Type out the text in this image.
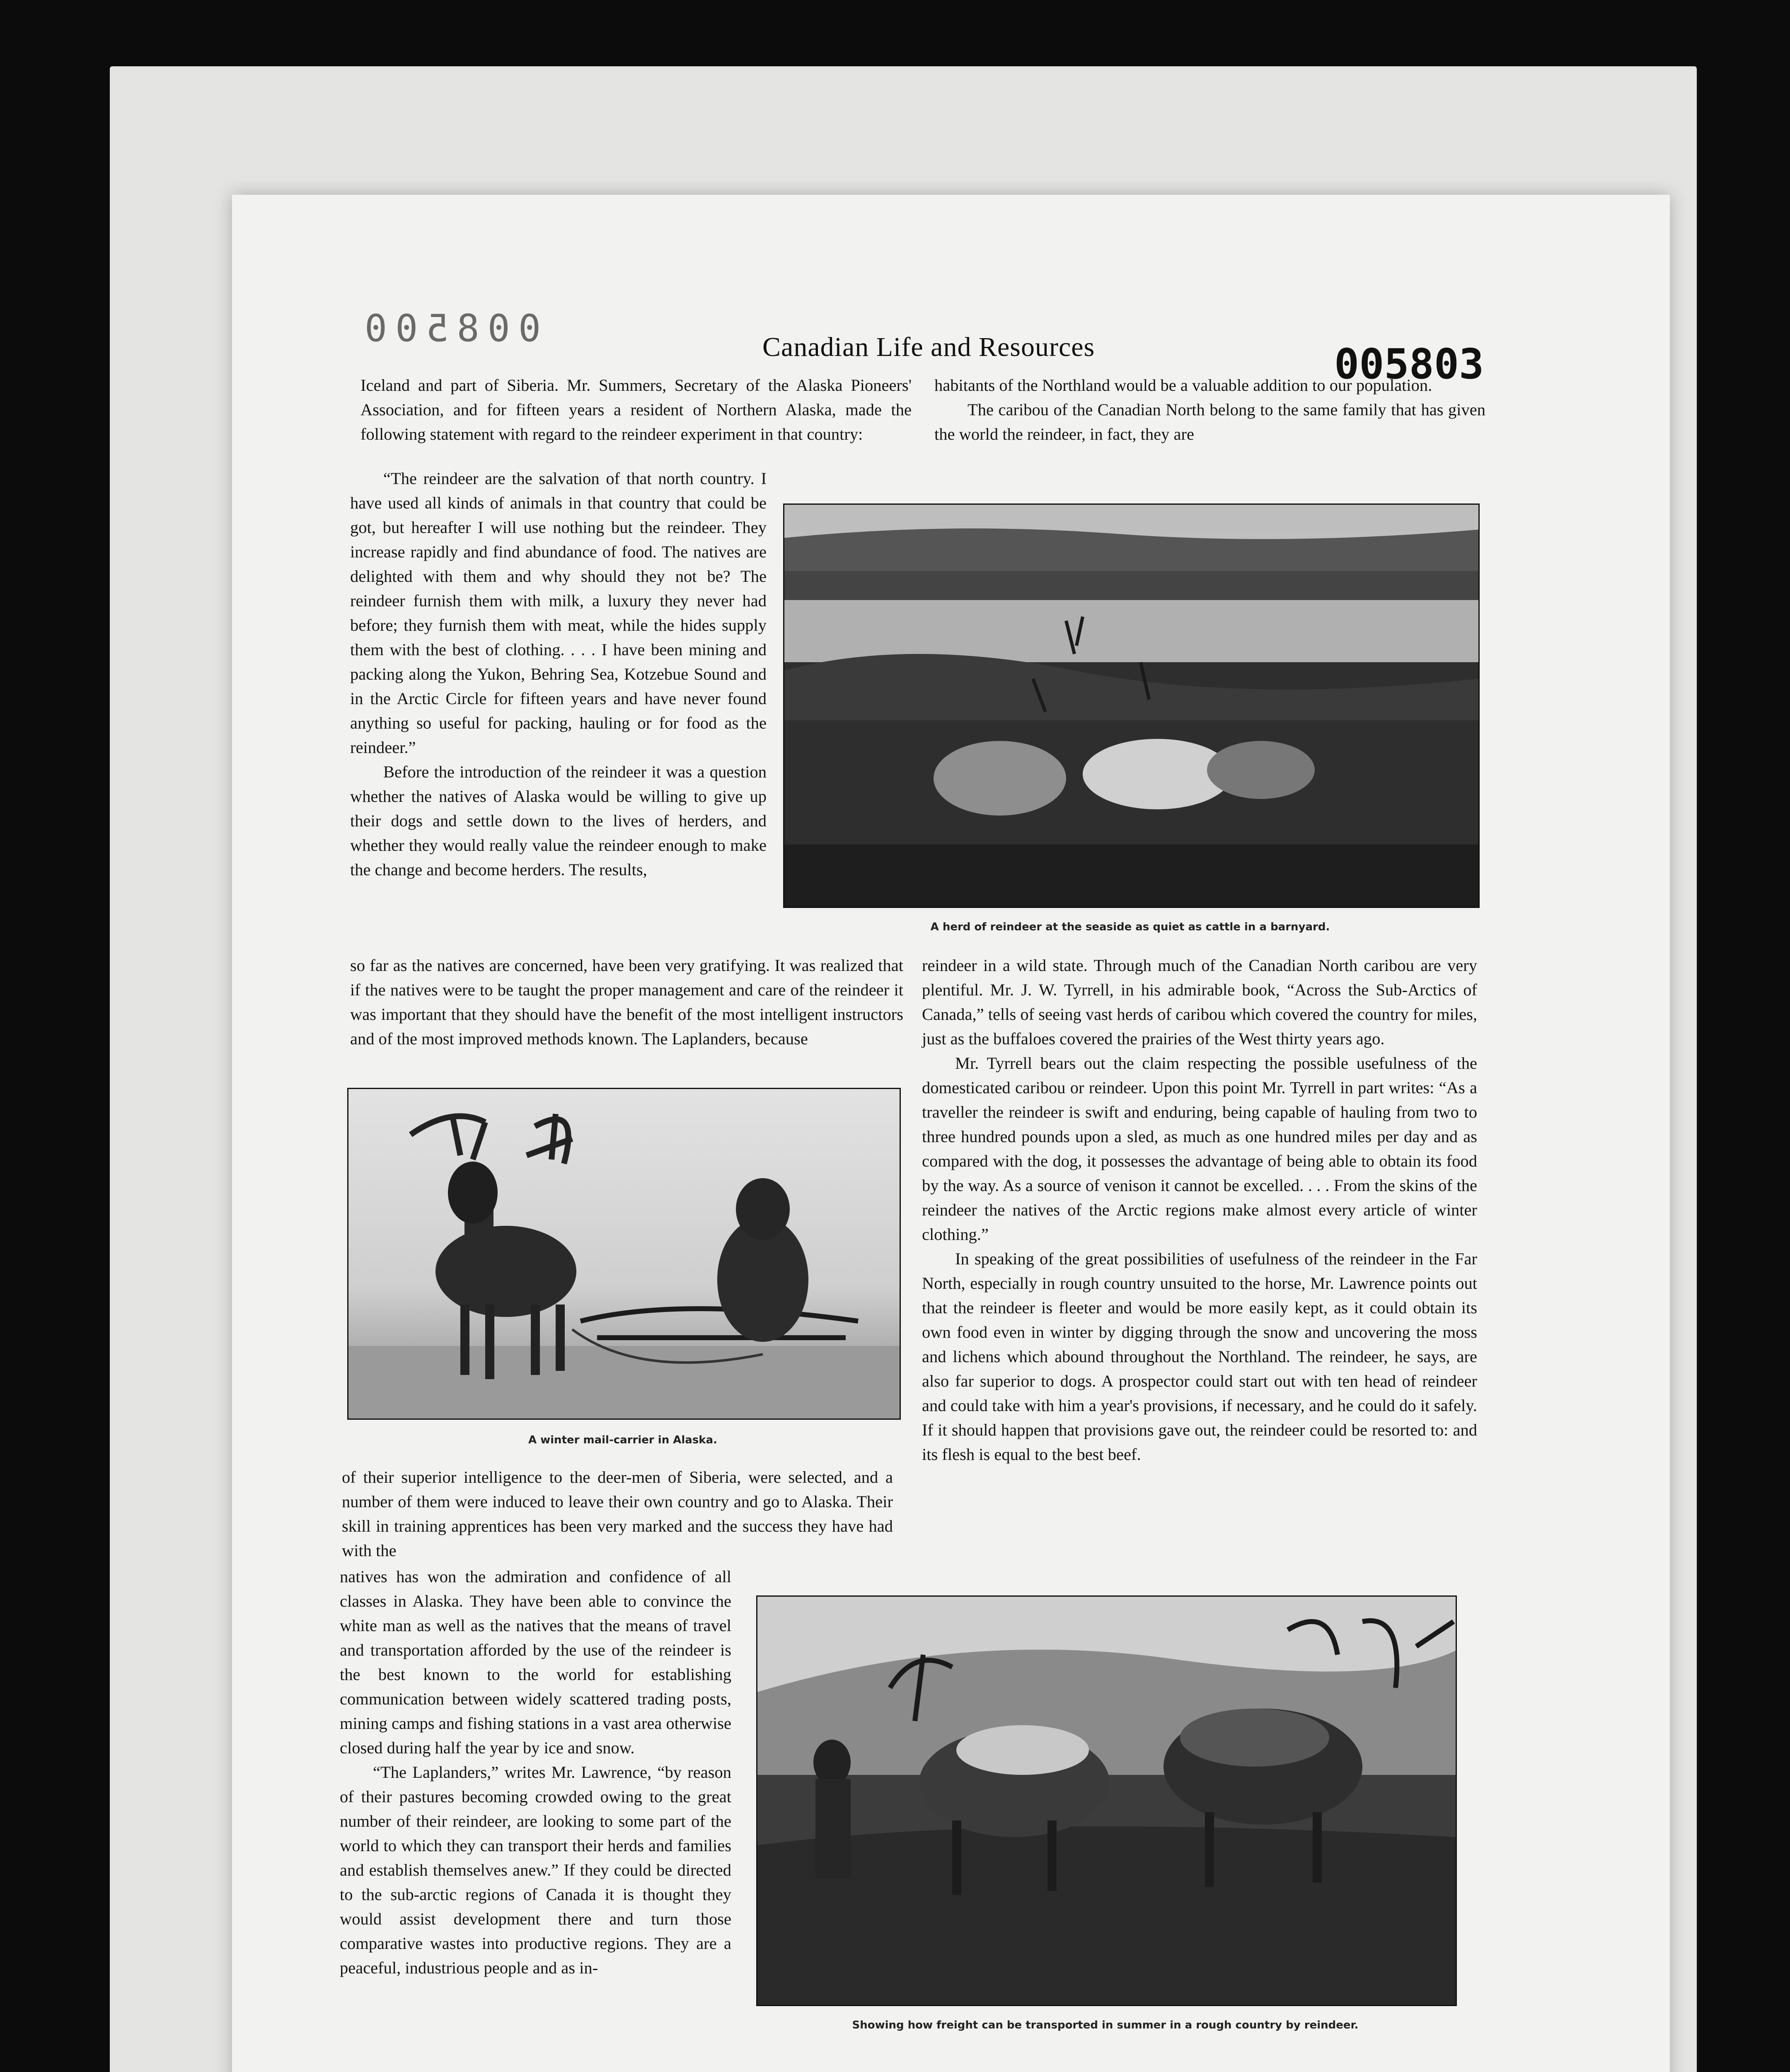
008500	Canadian Life and Resources	005803

Iceland and part of Siberia. Mr. Summers, Secretary of the Alaska Pioneers' Association, and for fifteen years a resident of Northern Alaska, made the following statement with regard to the reindeer experiment in that country:

“The reindeer are the salvation of that north country. I have used all kinds of animals in that country that could be got, but hereafter I will use nothing but the reindeer. They increase rapidly and find abundance of food. The natives are delighted with them and why should they not be? The reindeer furnish them with milk, a luxury they never had before; they furnish them with meat, while the hides supply them with the best of clothing. . . . I have been mining and packing along the Yukon, Behring Sea, Kotzebue Sound and in the Arctic Circle for fifteen years and have never found anything so useful for packing, hauling or for food as the reindeer.”

Before the introduction of the reindeer it was a question whether the natives of Alaska would be willing to give up their dogs and settle down to the lives of herders, and whether they would really value the reindeer enough to make the change and become herders. The results,

so far as the natives are concerned, have been very gratifying. It was realized that if the natives were to be taught the proper management and care of the reindeer it was important that they should have the benefit of the most intelligent instructors and of the most improved methods known. The Laplanders, because

A winter mail-carrier in Alaska.

of their superior intelligence to the deer-men of Siberia, were selected, and a number of them were induced to leave their own country and go to Alaska. Their skill in training apprentices has been very marked and the success they have had with the

natives has won the admiration and confidence of all classes in Alaska. They have been able to convince the white man as well as the natives that the means of travel and transportation afforded by the use of the reindeer is the best known to the world for establishing communication between widely scattered trading posts, mining camps and fishing stations in a vast area otherwise closed during half the year by ice and snow.

“The Laplanders,” writes Mr. Lawrence, “by reason of their pastures becoming crowded owing to the great number of their reindeer, are looking to some part of the world to which they can transport their herds and families and establish themselves anew.” If they could be directed to the sub-arctic regions of Canada it is thought they would assist development there and turn those comparative wastes into productive regions. They are a peaceful, industrious people and as in-

habitants of the Northland would be a valuable addition to our population.

The caribou of the Canadian North belong to the same family that has given the world the reindeer, in fact, they are

A herd of reindeer at the seaside as quiet as cattle in a barnyard.

reindeer in a wild state. Through much of the Canadian North caribou are very plentiful. Mr. J. W. Tyrrell, in his admirable book, “Across the Sub-Arctics of Canada,” tells of seeing vast herds of caribou which covered the country for miles, just as the buffaloes covered the prairies of the West thirty years ago.

Mr. Tyrrell bears out the claim respecting the possible usefulness of the domesticated caribou or reindeer. Upon this point Mr. Tyrrell in part writes: “As a traveller the reindeer is swift and enduring, being capable of hauling from two to three hundred pounds upon a sled, as much as one hundred miles per day and as compared with the dog, it possesses the advantage of being able to obtain its food by the way. As a source of venison it cannot be excelled. . . . From the skins of the reindeer the natives of the Arctic regions make almost every article of winter clothing.”

In speaking of the great possibilities of usefulness of the reindeer in the Far North, especially in rough country unsuited to the horse, Mr. Lawrence points out that the reindeer is fleeter and would be more easily kept, as it could obtain its own food even in winter by digging through the snow and uncovering the moss and lichens which abound throughout the Northland. The reindeer, he says, are also far superior to dogs. A prospector could start out with ten head of reindeer and could take with him a year's provisions, if necessary, and he could do it safely. If it should happen that provisions gave out, the reindeer could be resorted to: and its flesh is equal to the best beef.

Showing how freight can be transported in summer in a rough country by reindeer.
